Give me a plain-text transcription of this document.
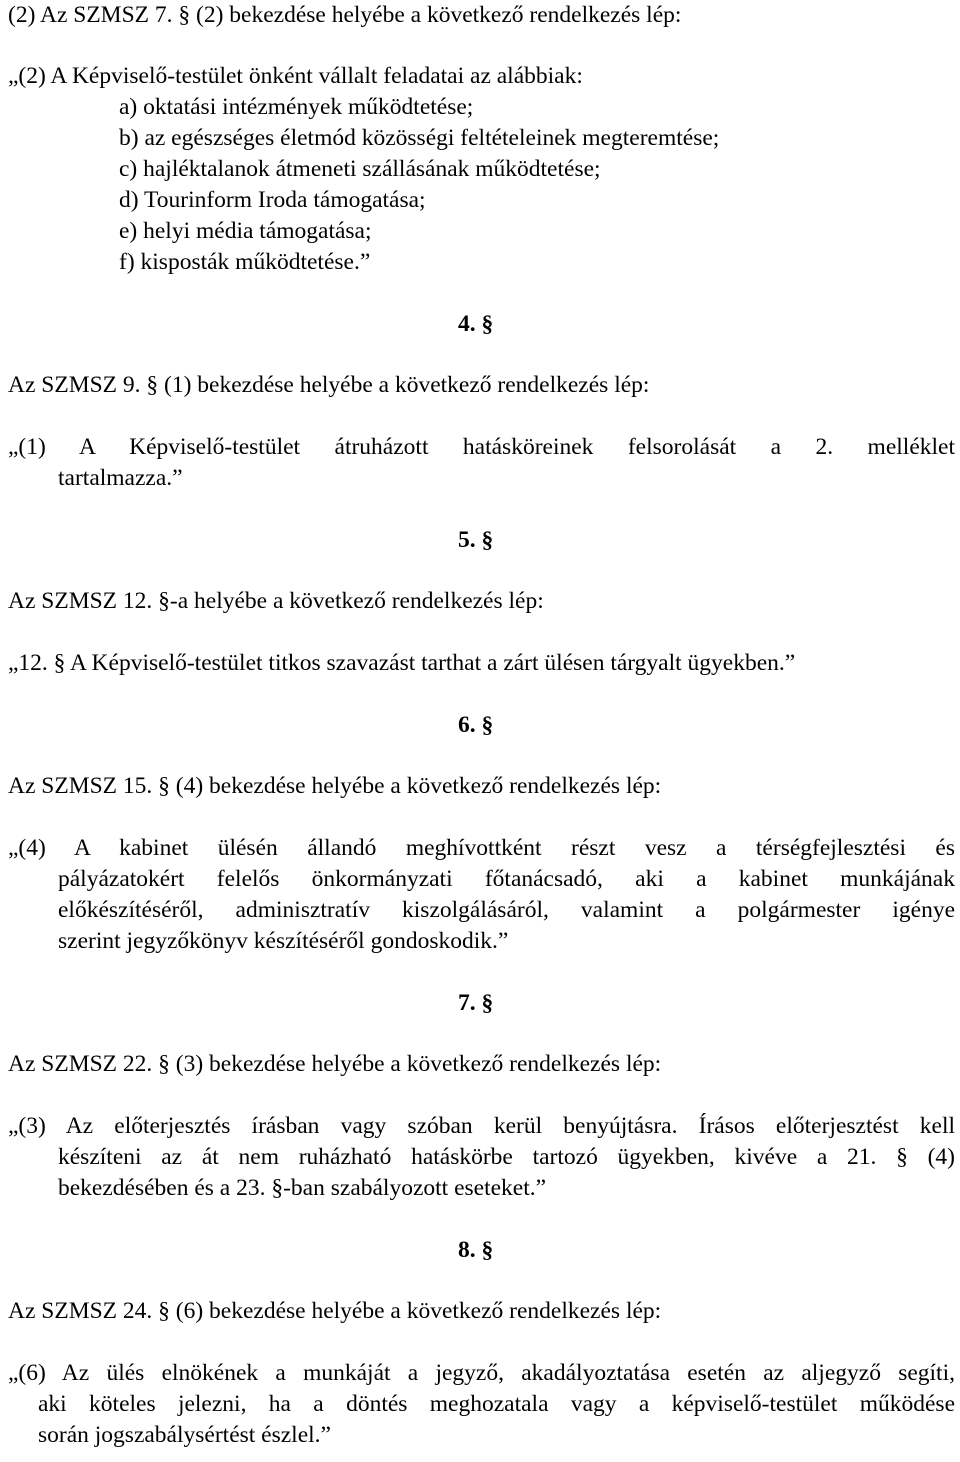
(2) Az SZMSZ 7. § (2) bekezdése helyébe a következő rendelkezés lép:
„(2) A Képviselő-testület önként vállalt feladatai az alábbiak:
a) oktatási intézmények működtetése;
b) az egészséges életmód közösségi feltételeinek megteremtése;
c) hajléktalanok átmeneti szállásának működtetése;
d) Tourinform Iroda támogatása;
e) helyi média támogatása;
f) kisposták működtetése.”
4. §
Az SZMSZ 9. § (1) bekezdése helyébe a következő rendelkezés lép:
„(1) A Képviselő-testület átruházott hatásköreinek felsorolását a 2. melléklet
tartalmazza.”
5. §
Az SZMSZ 12. §-a helyébe a következő rendelkezés lép:
„12. § A Képviselő-testület titkos szavazást tarthat a zárt ülésen tárgyalt ügyekben.”
6. §
Az SZMSZ 15. § (4) bekezdése helyébe a következő rendelkezés lép:
„(4) A kabinet ülésén állandó meghívottként részt vesz a térségfejlesztési és
pályázatokért felelős önkormányzati főtanácsadó, aki a kabinet munkájának
előkészítéséről, adminisztratív kiszolgálásáról, valamint a polgármester igénye
szerint jegyzőkönyv készítéséről gondoskodik.”
7. §
Az SZMSZ 22. § (3) bekezdése helyébe a következő rendelkezés lép:
„(3) Az előterjesztés írásban vagy szóban kerül benyújtásra. Írásos előterjesztést kell
készíteni az át nem ruházható hatáskörbe tartozó ügyekben, kivéve a 21. § (4)
bekezdésében és a 23. §-ban szabályozott eseteket.”
8. §
Az SZMSZ 24. § (6) bekezdése helyébe a következő rendelkezés lép:
„(6) Az ülés elnökének a munkáját a jegyző, akadályoztatása esetén az aljegyző segíti,
aki köteles jelezni, ha a döntés meghozatala vagy a képviselő-testület működése
során jogszabálysértést észlel.”
